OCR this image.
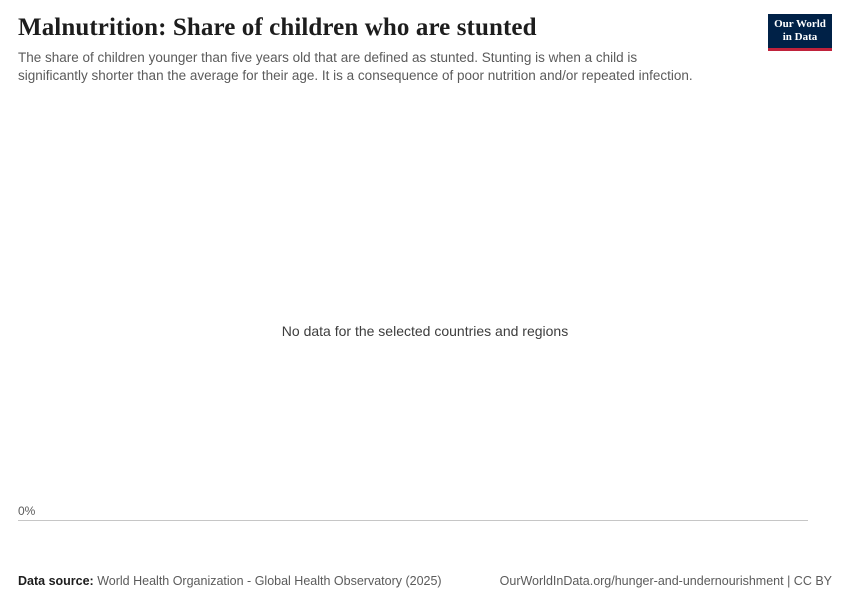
Malnutrition: Share of children who are stunted

The share of children younger than five years old that are defined as stunted. Stunting is when a child is significantly shorter than the average for their age. It is a consequence of poor nutrition and/or repeated infection.

Our World
in Data
No data for the selected countries and regions
0%
Data source: World Health Organization - Global Health Observatory (2025)	OurWorldInData.org/hunger-and-undernourishment | CC BY
